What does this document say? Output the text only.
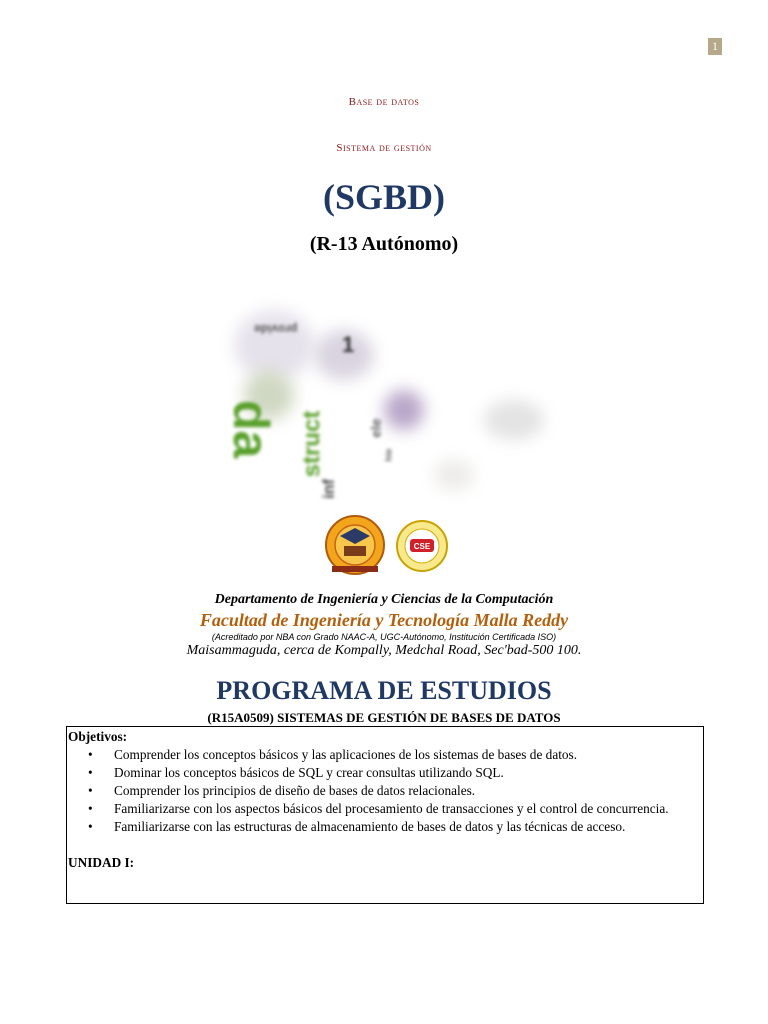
1
Base de datos
Sistema de gestión
(SGBD)
(R-13 Autónomo)
provide
1
da struct
inf
ele
hie
CSE
Departamento de Ingeniería y Ciencias de la Computación
Facultad de Ingeniería y Tecnología Malla Reddy
(Acreditado por NBA con Grado NAAC-A, UGC-Autónomo, Institución Certificada ISO)
Maisammaguda, cerca de Kompally, Medchal Road, Sec'bad-500 100.
PROGRAMA DE ESTUDIOS
(R15A0509) SISTEMAS DE GESTIÓN DE BASES DE DATOS
Objetivos:
• Comprender los conceptos básicos y las aplicaciones de los sistemas de bases de datos.
• Dominar los conceptos básicos de SQL y crear consultas utilizando SQL.
• Comprender los principios de diseño de bases de datos relacionales.
• Familiarizarse con los aspectos básicos del procesamiento de transacciones y el control de concurrencia.
• Familiarizarse con las estructuras de almacenamiento de bases de datos y las técnicas de acceso.
UNIDAD I:
